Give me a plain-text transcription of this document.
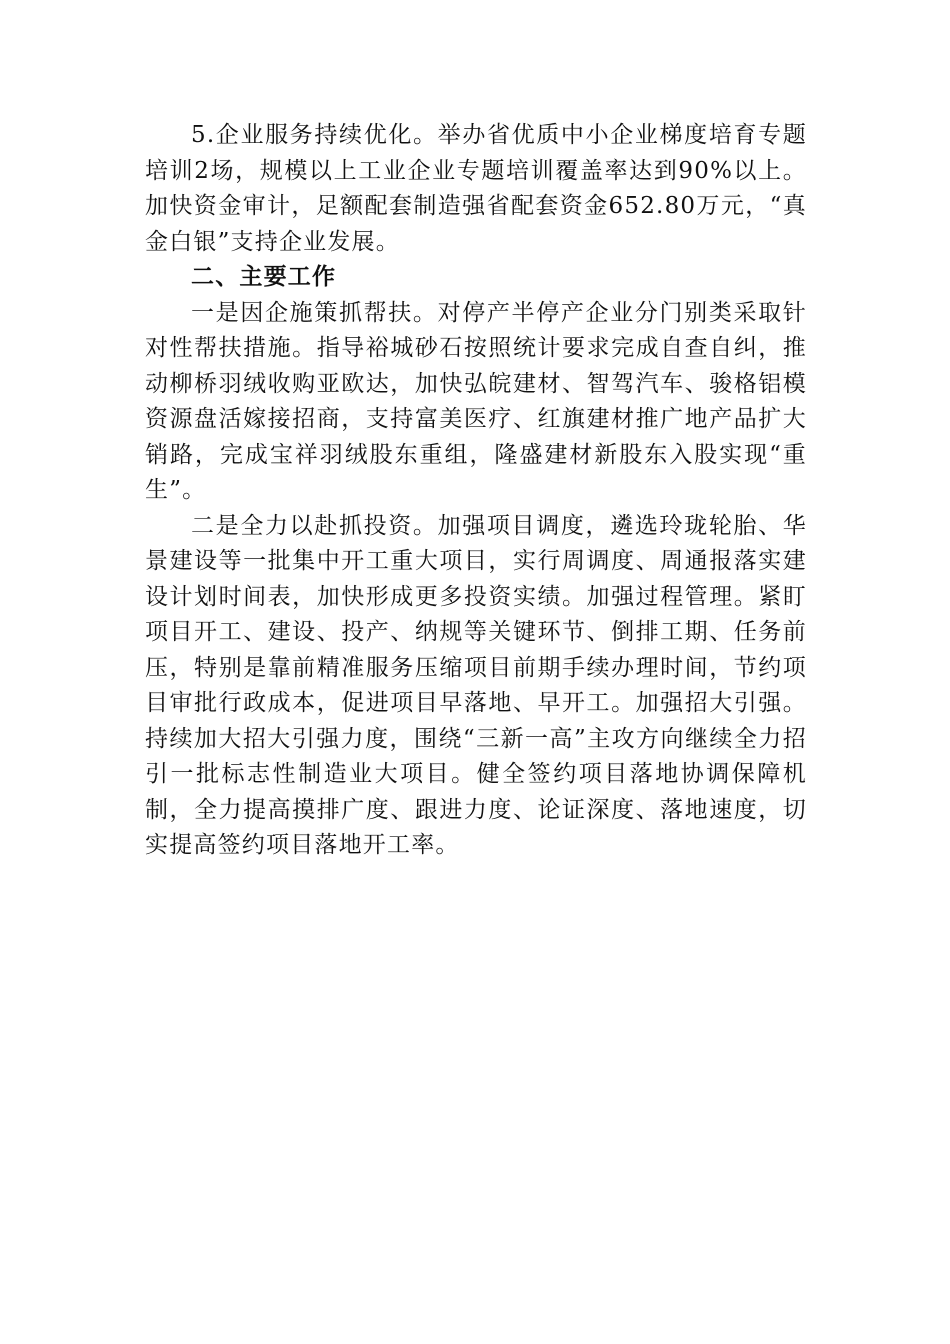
5.企业服务持续优化。举办省优质中小企业梯度培育专题培训2场，规模以上工业企业专题培训覆盖率达到90%以上。加快资金审计，足额配套制造强省配套资金652.80万元，“真金白银”支持企业发展。

二、主要工作

一是因企施策抓帮扶。对停产半停产企业分门别类采取针对性帮扶措施。指导裕城砂石按照统计要求完成自查自纠，推动柳桥羽绒收购亚欧达，加快弘皖建材、智驾汽车、骏格铝模资源盘活嫁接招商，支持富美医疗、红旗建材推广地产品扩大销路，完成宝祥羽绒股东重组，隆盛建材新股东入股实现“重生”。

二是全力以赴抓投资。加强项目调度，遴选玲珑轮胎、华景建设等一批集中开工重大项目，实行周调度、周通报落实建设计划时间表，加快形成更多投资实绩。加强过程管理。紧盯项目开工、建设、投产、纳规等关键环节、倒排工期、任务前压，特别是靠前精准服务压缩项目前期手续办理时间，节约项目审批行政成本，促进项目早落地、早开工。加强招大引强。持续加大招大引强力度，围绕“三新一高”主攻方向继续全力招引一批标志性制造业大项目。健全签约项目落地协调保障机制，全力提高摸排广度、跟进力度、论证深度、落地速度，切实提高签约项目落地开工率。
